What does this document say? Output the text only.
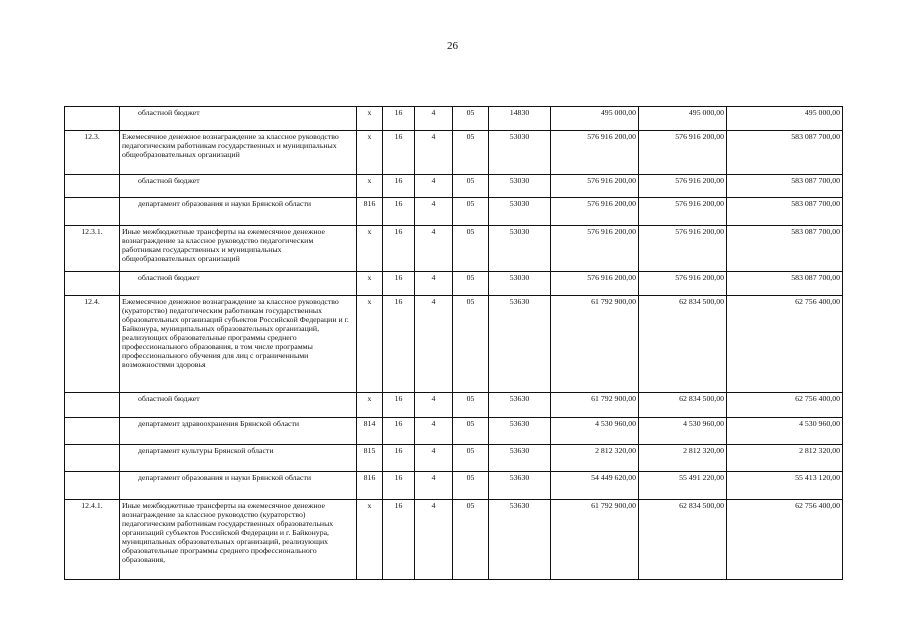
26
	областной бюджет	х	16	4	05	14830	495 000,00	495 000,00	495 000,00
12.3.	Ежемесячное денежное вознаграждение за классное руководство педагогическим работникам государственных и муниципальных общеобразовательных организаций	х	16	4	05	53030	576 916 200,00	576 916 200,00	583 087 700,00
	областной бюджет	х	16	4	05	53030	576 916 200,00	576 916 200,00	583 087 700,00
	департамент образования и науки Брянской области	816	16	4	05	53030	576 916 200,00	576 916 200,00	583 087 700,00
12.3.1.	Иные межбюджетные трансферты на ежемесячное денежное вознаграждение за классное руководство педагогическим работникам государственных и муниципальных общеобразовательных организаций	х	16	4	05	53030	576 916 200,00	576 916 200,00	583 087 700,00
	областной бюджет	х	16	4	05	53030	576 916 200,00	576 916 200,00	583 087 700,00
12.4.	Ежемесячное денежное вознаграждение за классное руководство (кураторство) педагогическим работникам государственных образовательных организаций субъектов Российской Федерации и г. Байконура, муниципальных образовательных организаций, реализующих образовательные программы среднего профессионального образования, в том числе программы профессионального обучения для лиц с ограниченными возможностями здоровья	х	16	4	05	53630	61 792 900,00	62 834 500,00	62 756 400,00
	областной бюджет	х	16	4	05	53630	61 792 900,00	62 834 500,00	62 756 400,00
	департамент здравоохранения Брянской области	814	16	4	05	53630	4 530 960,00	4 530 960,00	4 530 960,00
	департамент культуры Брянской области	815	16	4	05	53630	2 812 320,00	2 812 320,00	2 812 320,00
	департамент образования и науки Брянской области	816	16	4	05	53630	54 449 620,00	55 491 220,00	55 413 120,00
12.4.1.	Иные межбюджетные трансферты на ежемесячное денежное вознаграждение за классное руководство (кураторство) педагогическим работникам государственных образовательных организаций субъектов Российской Федерации и г. Байконура, муниципальных образовательных организаций, реализующих образовательные программы среднего профессионального образования,	х	16	4	05	53630	61 792 900,00	62 834 500,00	62 756 400,00
